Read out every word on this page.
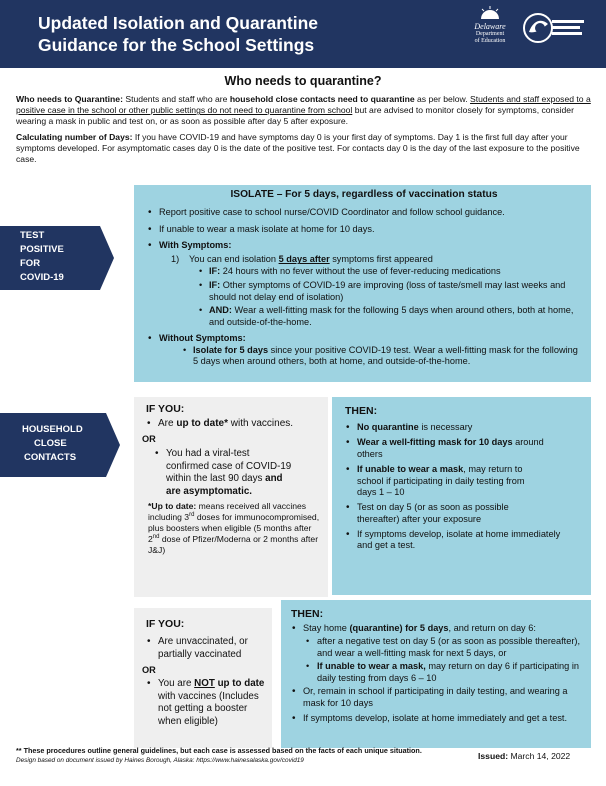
Updated Isolation and Quarantine
Guidance for the School Settings
Delaware
Department
of Education
Who needs to quarantine?

Who needs to Quarantine: Students and staff who are household close contacts need to quarantine as per below. Students and staff exposed to a positive case in the school or other public settings do not need to quarantine from school but are advised to monitor closely for symptoms, consider wearing a mask in public and test on, or as soon as possible after day 5 after exposure.

Calculating number of Days: If you have COVID-19 and have symptoms day 0 is your first day of symptoms. Day 1 is the first full day after your symptoms developed. For asymptomatic cases day 0 is the date of the positive test. For contacts day 0 is the day of the last exposure to the positive case.

TEST
POSITIVE
FOR
COVID-19
ISOLATE – For 5 days, regardless of vaccination status
• Report positive case to school nurse/COVID Coordinator and follow school guidance.
• If unable to wear a mask isolate at home for 10 days.
• With Symptoms:
1) You can end isolation 5 days after symptoms first appeared
• IF: 24 hours with no fever without the use of fever-reducing medications
• IF: Other symptoms of COVID-19 are improving (loss of taste/smell may last weeks and should not delay end of isolation)
• AND: Wear a well-fitting mask for the following 5 days when around others, both at home, and outside-of-the-home.
• Without Symptoms:
• Isolate for 5 days since your positive COVID-19 test. Wear a well-fitting mask for the following 5 days when around others, both at home, and outside-of-the-home.
HOUSEHOLD
CLOSE
CONTACTS
IF YOU:
• Are up to date* with vaccines.
OR
• You had a viral-test confirmed case of COVID-19 within the last 90 days and are asymptomatic.
*Up to date: means received all vaccines including 3rd doses for immunocompromised, plus boosters when eligible (5 months after 2nd dose of Pfizer/Moderna or 2 months after J&J)
THEN:
• No quarantine is necessary
• Wear a well-fitting mask for 10 days around others
• If unable to wear a mask, may return to school if participating in daily testing from days 1 – 10
• Test on day 5 (or as soon as possible thereafter) after your exposure
• If symptoms develop, isolate at home immediately and get a test.
IF YOU:
• Are unvaccinated, or partially vaccinated
OR
• You are NOT up to date with vaccines (Includes not getting a booster when eligible)
THEN:
• Stay home (quarantine) for 5 days, and return on day 6:
• after a negative test on day 5 (or as soon as possible thereafter), and wear a well-fitting mask for next 5 days, or
• If unable to wear a mask, may return on day 6 if participating in daily testing from days 6 – 10
• Or, remain in school if participating in daily testing, and wearing a mask for 10 days
• If symptoms develop, isolate at home immediately and get a test.
** These procedures outline general guidelines, but each case is assessed based on the facts of each unique situation. Design based on document issued by Haines Borough, Alaska: https://www.hainesalaska.gov/covid19	Issued: March 14, 2022
